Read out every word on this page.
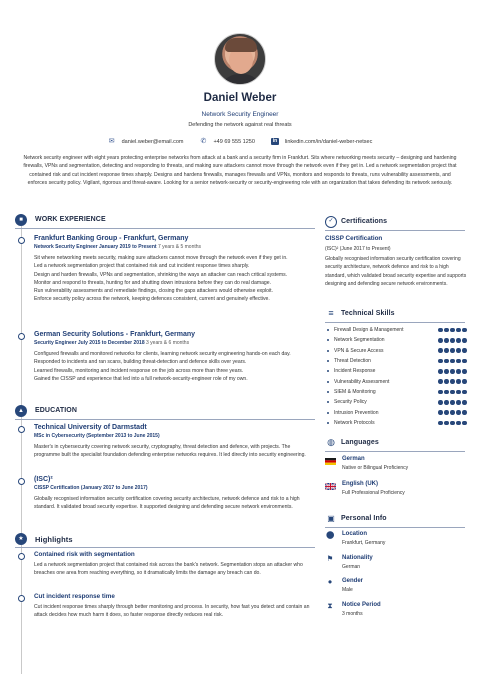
Daniel Weber
Network Security Engineer
Defending the network against real threats
✉ daniel.weber@email.com ✆ +49 69 555 1250	in	linkedin.com/in/daniel-weber-netsec
Network security engineer with eight years protecting enterprise networks from attack at a bank and a security firm in Frankfurt. Sits where networking meets security – designing and hardening firewalls, VPNs and segmentation, detecting and responding to threats, and making sure attackers cannot move through the network even if they get in. Led a network segmentation project that contained risk and cut incident response times sharply. Designs and hardens firewalls, manages firewalls and VPNs, monitors and responds to threats, runs vulnerability assessments, and enforces security policy. Vigilant, rigorous and threat-aware. Looking for a senior network-security or security-engineering role with an organization that takes defending its network seriously.
■	WORK EXPERIENCE
Frankfurt Banking Group - Frankfurt, Germany
Network Security Engineer January 2019 to Present 7 years & 5 months

Sit where networking meets security, making sure attackers cannot move through the network even if they get in.

Led a network segmentation project that contained risk and cut incident response times sharply.

Design and harden firewalls, VPNs and segmentation, shrinking the ways an attacker can reach critical systems.

Monitor and respond to threats, hunting for and shutting down intrusions before they can do real damage.

Run vulnerability assessments and remediate findings, closing the gaps attackers would otherwise exploit.

Enforce security policy across the network, keeping defences consistent, current and genuinely effective.

German Security Solutions - Frankfurt, Germany
Security Engineer July 2015 to December 2018 3 years & 6 months

Configured firewalls and monitored networks for clients, learning network security engineering hands-on each day.

Responded to incidents and ran scans, building threat-detection and defence skills over years.

Learned firewalls, monitoring and incident response on the job across more than three years.

Gained the CISSP and experience that led into a full network-security-engineer role of my own.

▲	EDUCATION
Technical University of Darmstadt
MSc in Cybersecurity (September 2013 to June 2015)
Master's in cybersecurity covering network security, cryptography, threat detection and defence, with projects. The programme built the specialist foundation defending enterprise networks requires. It led directly into security engineering.
(ISC)²
CISSP Certification (January 2017 to June 2017)
Globally recognised information security certification covering security architecture, network defence and risk to a high standard. It validated broad security expertise. It supported designing and defending secure network environments.
★	Highlights
Contained risk with segmentation
Led a network segmentation project that contained risk across the bank's network. Segmentation stops an attacker who breaches one area from reaching everything, so it dramatically limits the damage any breach can do.
Cut incident response time
Cut incident response times sharply through better monitoring and process. In security, how fast you detect and contain an attack decides how much harm it does, so faster response directly reduces real risk.
✓	Certifications
CISSP Certification
(ISC)² (June 2017 to Present)
Globally recognised information security certification covering security architecture, network defence and risk to a high standard, which validated broad security expertise and supports designing and defending secure network environments.
≡	Technical Skills
Firewall Design & Management
Network Segmentation
VPN & Secure Access
Threat Detection
Incident Response
Vulnerability Assessment
SIEM & Monitoring
Security Policy
Intrusion Prevention
Network Protocols
◍ Languages
German
Native or Bilingual Proficiency
English (UK)
Full Professional Proficiency
▣ Personal Info
⬤ Location
Frankfurt, Germany
⚑ Nationality
German
● Gender
Male
⧗ Notice Period
3 months
